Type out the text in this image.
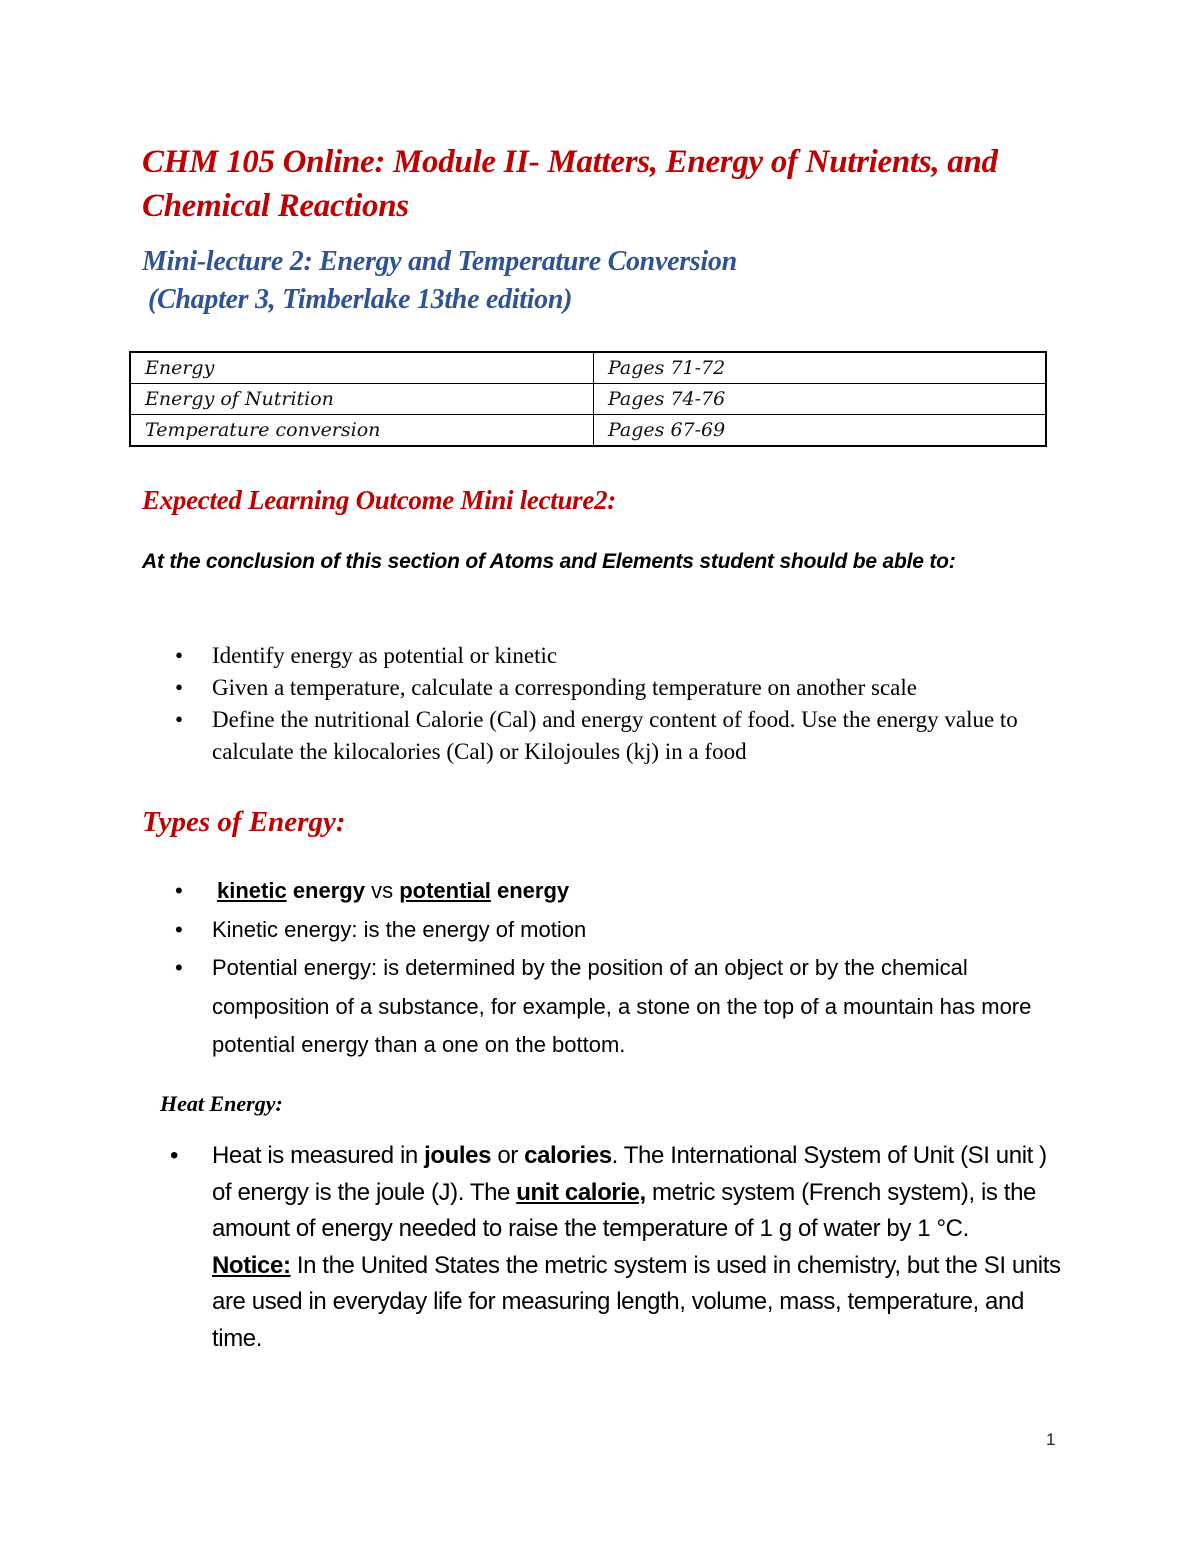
CHM 105 Online: Module II- Matters, Energy of Nutrients, and Chemical Reactions
Mini-lecture 2: Energy and Temperature Conversion
(Chapter 3, Timberlake 13the edition)
Energy	Pages 71-72
Energy of Nutrition	Pages 74-76
Temperature conversion	Pages 67-69
Expected Learning Outcome Mini lecture2:

At the conclusion of this section of Atoms and Elements student should be able to:

• Identify energy as potential or kinetic
• Given a temperature, calculate a corresponding temperature on another scale
• Define the nutritional Calorie (Cal) and energy content of food. Use the energy value to calculate the kilocalories (Cal) or Kilojoules (kj) in a food
Types of Energy:
• kinetic energy vs potential energy
• Kinetic energy: is the energy of motion
• Potential energy: is determined by the position of an object or by the chemical composition of a substance, for example, a stone on the top of a mountain has more potential energy than a one on the bottom.
Heat Energy:
• Heat is measured in joules or calories. The International System of Unit (SI unit ) of energy is the joule (J). The unit calorie, metric system (French system), is the amount of energy needed to raise the temperature of 1 g of water by 1 °C.
Notice: In the United States the metric system is used in chemistry, but the SI units are used in everyday life for measuring length, volume, mass, temperature, and time.
1
